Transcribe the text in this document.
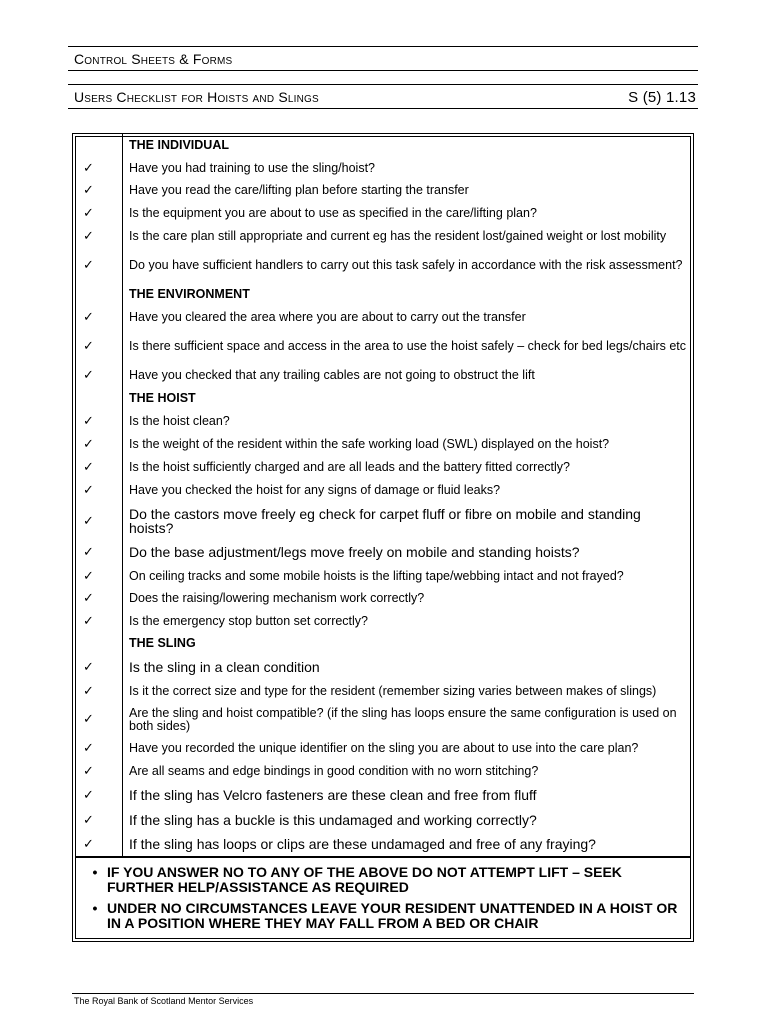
Control Sheets & Forms
Users Checklist for Hoists and Slings	S (5) 1.13
THE INDIVIDUAL
✓	Have you had training to use the sling/hoist?
✓	Have you read the care/lifting plan before starting the transfer
✓	Is the equipment you are about to use as specified in the care/lifting plan?
✓	Is the care plan still appropriate and current eg has the resident lost/gained weight or lost mobility
✓	Do you have sufficient handlers to carry out this task safely in accordance with the risk assessment?
THE ENVIRONMENT
✓	Have you cleared the area where you are about to carry out the transfer
✓	Is there sufficient space and access in the area to use the hoist safely – check for bed legs/chairs etc
✓	Have you checked that any trailing cables are not going to obstruct the lift
THE HOIST
✓	Is the hoist clean?
✓	Is the weight of the resident within the safe working load (SWL) displayed on the hoist?
✓	Is the hoist sufficiently charged and are all leads and the battery fitted correctly?
✓	Have you checked the hoist for any signs of damage or fluid leaks?
✓	Do the castors move freely eg check for carpet fluff or fibre on mobile and standing hoists?
✓	Do the base adjustment/legs move freely on mobile and standing hoists?
✓	On ceiling tracks and some mobile hoists is the lifting tape/webbing intact and not frayed?
✓	Does the raising/lowering mechanism work correctly?
✓	Is the emergency stop button set correctly?
THE SLING
✓	Is the sling in a clean condition
✓	Is it the correct size and type for the resident (remember sizing varies between makes of slings)
✓	Are the sling and hoist compatible? (if the sling has loops ensure the same configuration is used on both sides)
✓	Have you recorded the unique identifier on the sling you are about to use into the care plan?
✓	Are all seams and edge bindings in good condition with no worn stitching?
✓	If the sling has Velcro fasteners are these clean and free from fluff
✓	If the sling has a buckle is this undamaged and working correctly?
✓	If the sling has loops or clips are these undamaged and free of any fraying?
• IF YOU ANSWER NO TO ANY OF THE ABOVE DO NOT ATTEMPT LIFT – SEEK FURTHER HELP/ASSISTANCE AS REQUIRED
• UNDER NO CIRCUMSTANCES LEAVE YOUR RESIDENT UNATTENDED IN A HOIST OR IN A POSITION WHERE THEY MAY FALL FROM A BED OR CHAIR
The Royal Bank of Scotland Mentor Services
